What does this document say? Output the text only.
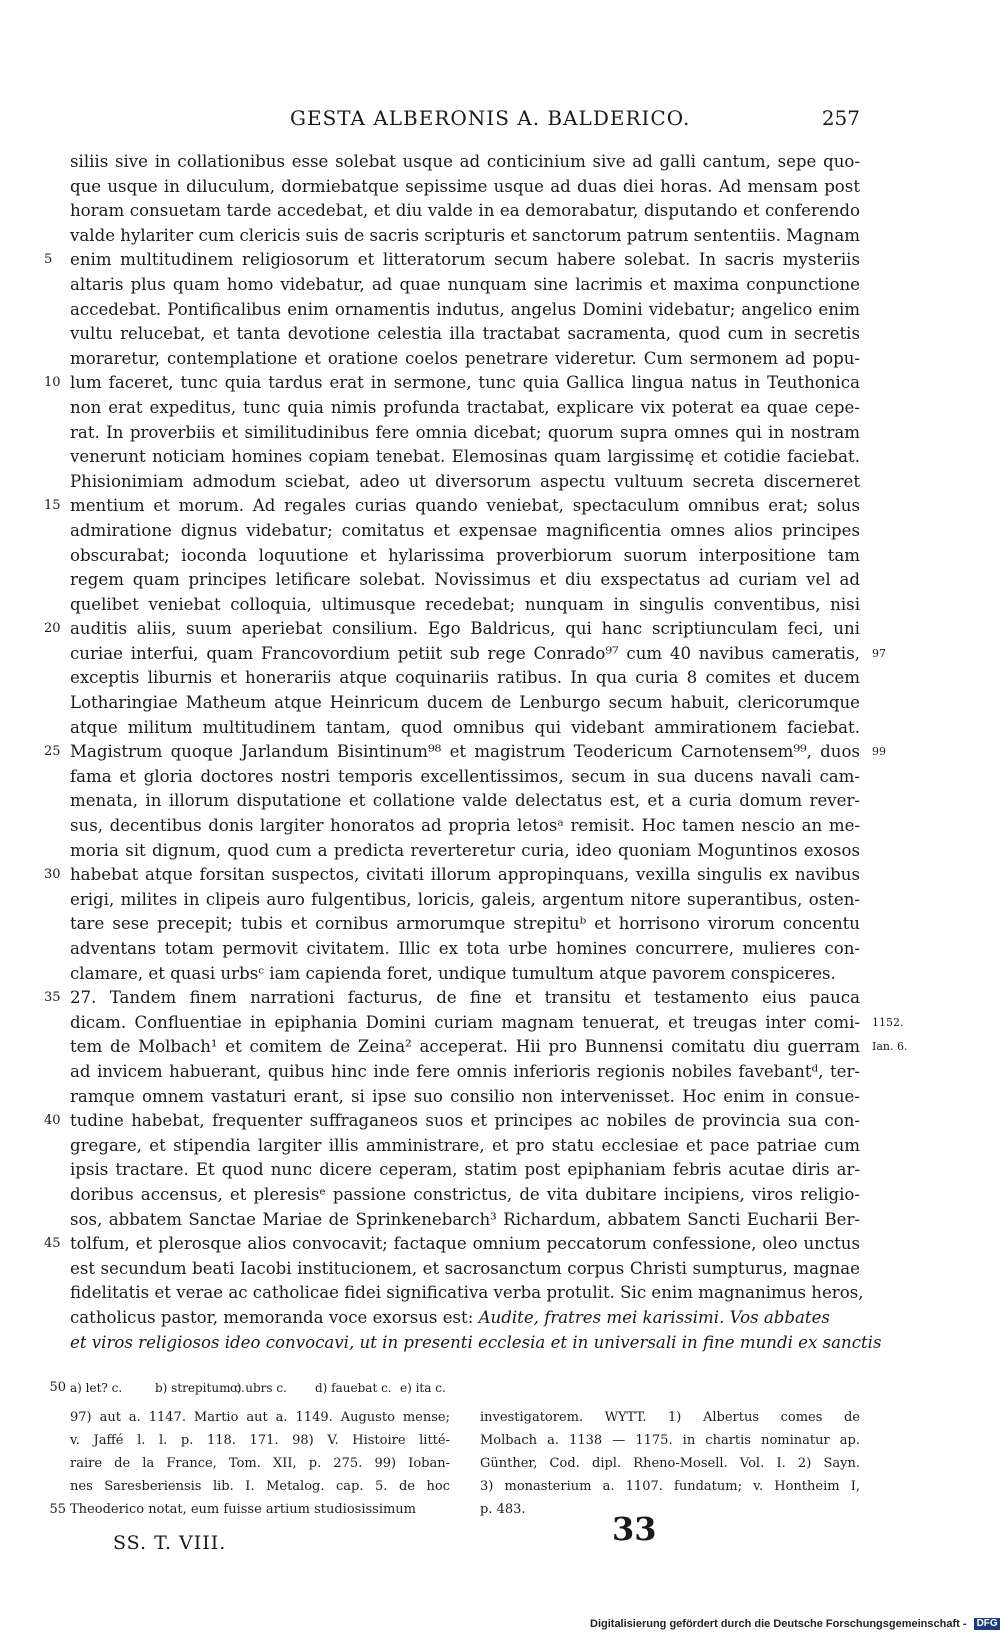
GESTA ALBERONIS A. BALDERICO.	257
siliis sive in collationibus esse solebat usque ad conticinium sive ad galli cantum, sepe quo-
que usque in diluculum, dormiebatque sepissime usque ad duas diei horas. Ad mensam post
horam consuetam tarde accedebat, et diu valde in ea demorabatur, disputando et conferendo
valde hylariter cum clericis suis de sacris scripturis et sanctorum patrum sententiis. Magnam
enim multitudinem religiosorum et litteratorum secum habere solebat. In sacris mysteriis
5
altaris plus quam homo videbatur, ad quae nunquam sine lacrimis et maxima conpunctione
accedebat. Pontificalibus enim ornamentis indutus, angelus Domini videbatur; angelico enim
vultu relucebat, et tanta devotione celestia illa tractabat sacramenta, quod cum in secretis
moraretur, contemplatione et oratione coelos penetrare videretur. Cum sermonem ad popu-
lum faceret, tunc quia tardus erat in sermone, tunc quia Gallica lingua natus in Teuthonica
10
non erat expeditus, tunc quia nimis profunda tractabat, explicare vix poterat ea quae cepe-
rat. In proverbiis et similitudinibus fere omnia dicebat; quorum supra omnes qui in nostram
venerunt noticiam homines copiam tenebat. Elemosinas quam largissimę et cotidie faciebat.
Phisionimiam admodum sciebat, adeo ut diversorum aspectu vultuum secreta discerneret
mentium et morum. Ad regales curias quando veniebat, spectaculum omnibus erat; solus
15
admiratione dignus videbatur; comitatus et expensae magnificentia omnes alios principes
obscurabat; ioconda loquutione et hylarissima proverbiorum suorum interpositione tam
regem quam principes letificare solebat. Novissimus et diu exspectatus ad curiam vel ad
quelibet veniebat colloquia, ultimusque recedebat; nunquam in singulis conventibus, nisi
auditis aliis, suum aperiebat consilium. Ego Baldricus, qui hanc scriptiunculam feci, uni
20
curiae interfui, quam Francovordium petiit sub rege Conrado⁹⁷ cum 40 navibus cameratis, 97
exceptis liburnis et honerariis atque coquinariis ratibus. In qua curia 8 comites et ducem
Lotharingiae Matheum atque Heinricum ducem de Lenburgo secum habuit, clericorumque
atque militum multitudinem tantam, quod omnibus qui videbant ammirationem faciebat.
Magistrum quoque Jarlandum Bisintinum⁹⁸ et magistrum Teodericum Carnotensem⁹⁹, duos
25	99
fama et gloria doctores nostri temporis excellentissimos, secum in sua ducens navali cam-
menata, in illorum disputatione et collatione valde delectatus est, et a curia domum rever-
sus, decentibus donis largiter honoratos ad propria letosᵃ remisit. Hoc tamen nescio an me-
moria sit dignum, quod cum a predicta reverteretur curia, ideo quoniam Moguntinos exosos
habebat atque forsitan suspectos, civitati illorum appropinquans, vexilla singulis ex navibus
30
erigi, milites in clipeis auro fulgentibus, loricis, galeis, argentum nitore superantibus, osten-
tare sese precepit; tubis et cornibus armorumque strepituᵇ et horrisono virorum concentu
adventans totam permovit civitatem. Illic ex tota urbe homines concurrere, mulieres con-
clamare, et quasi urbsᶜ iam capienda foret, undique tumultum atque pavorem conspiceres.
27. Tandem finem narrationi facturus, de fine et transitu et testamento eius pauca
35
dicam. Confluentiae in epiphania Domini curiam magnam tenuerat, et treugas inter comi- 1152.
tem de Molbach¹ et comitem de Zeina² acceperat. Hii pro Bunnensi comitatu diu guerram Ian. 6.
ad invicem habuerant, quibus hinc inde fere omnis inferioris regionis nobiles favebantᵈ, ter-
ramque omnem vastaturi erant, si ipse suo consilio non intervenisset. Hoc enim in consue-
tudine habebat, frequenter suffraganeos suos et principes ac nobiles de provincia sua con-
40
gregare, et stipendia largiter illis amministrare, et pro statu ecclesiae et pace patriae cum
ipsis tractare. Et quod nunc dicere ceperam, statim post epiphaniam febris acutae diris ar-
doribus accensus, et pleresisᵉ passione constrictus, de vita dubitare incipiens, viros religio-
sos, abbatem Sanctae Mariae de Sprinkenebarch³ Richardum, abbatem Sancti Eucharii Ber-
tolfum, et plerosque alios convocavit; factaque omnium peccatorum confessione, oleo unctus
45
est secundum beati Iacobi institucionem, et sacrosanctum corpus Christi sumpturus, magnae
fidelitatis et verae ac catholicae fidei significativa verba protulit. Sic enim magnanimus heros,
catholicus pastor, memoranda voce exorsus est: Audite, fratres mei karissimi. Vos abbates
et viros religiosos ideo convocavi, ut in presenti ecclesia et in universali in fine mundi ex sanctis
50 a) let? c.	b) strepitum c.
c) ubrs c. d) fauebat c. e) ita c.
97) aut a. 1147. Martio aut a. 1149. Augusto mense;
v. Jaffé l. l. p. 118. 171. 98) V. Histoire litté-
raire de la France, Tom. XII, p. 275. 99) Ioban-
nes Saresberiensis lib. I. Metalog. cap. 5. de hoc
Theoderico notat, eum fuisse artium studiosissimum
55
investigatorem. WYTT. 1) Albertus comes de
Molbach a. 1138 — 1175. in chartis nominatur ap.
Günther, Cod. dipl. Rheno-Mosell. Vol. I. 2) Sayn.
3) monasterium a. 1107. fundatum; v. Hontheim I,
p. 483.
SS. T. VIII.	33
Digitalisierung gefördert durch die Deutsche Forschungsgemeinschaft - DFG
